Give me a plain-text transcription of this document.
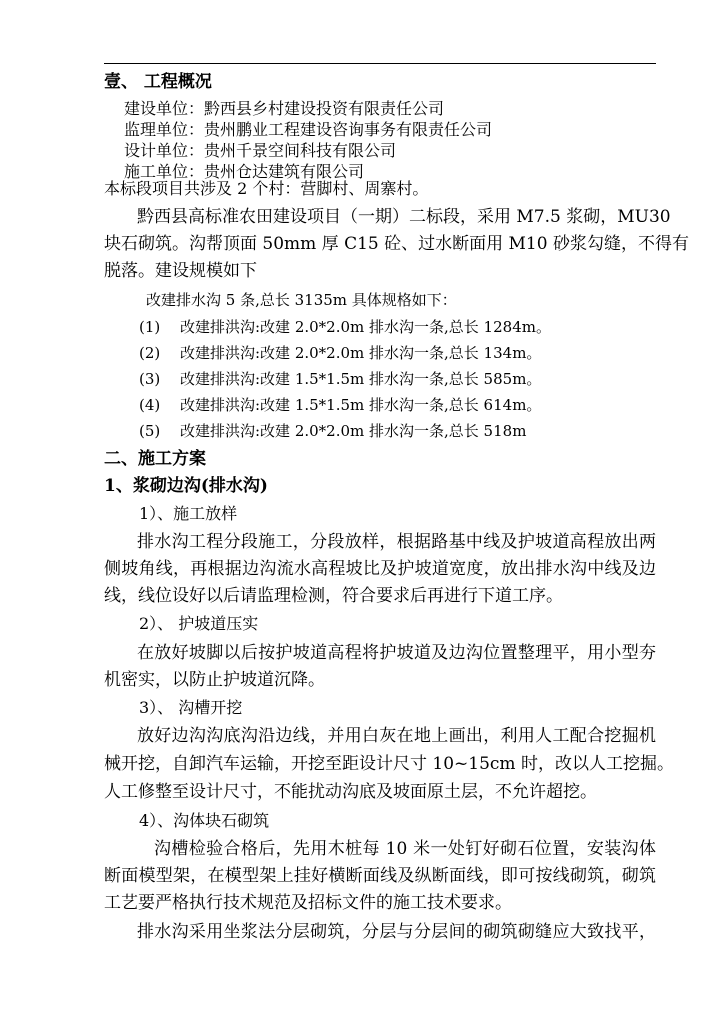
壹、 工程概况
建设单位：黔西县乡村建设投资有限责任公司
监理单位：贵州鹏业工程建设咨询事务有限责任公司
设计单位：贵州千景空间科技有限公司
施工单位：贵州仓达建筑有限公司
本标段项目共涉及 2 个村：营脚村、周寨村。
黔西县高标准农田建设项目（一期）二标段，采用 M7.5 浆砌，MU30
块石砌筑。沟帮顶面 50mm 厚 C15 砼、过水断面用 M10 砂浆勾缝，不得有
脱落。建设规模如下
改建排水沟 5 条,总长 3135m 具体规格如下：
(1) 改建排洪沟:改建 2.0*2.0m 排水沟一条,总长 1284m。
(2) 改建排洪沟:改建 2.0*2.0m 排水沟一条,总长 134m。
(3) 改建排洪沟:改建 1.5*1.5m 排水沟一条,总长 585m。
(4) 改建排洪沟:改建 1.5*1.5m 排水沟一条,总长 614m。
(5) 改建排洪沟:改建 2.0*2.0m 排水沟一条,总长 518m
二、施工方案
1、浆砌边沟(排水沟)
1）、施工放样
排水沟工程分段施工，分段放样，根据路基中线及护坡道高程放出两
侧坡角线，再根据边沟流水高程坡比及护坡道宽度，放出排水沟中线及边
线，线位设好以后请监理检测，符合要求后再进行下道工序。
2）、 护坡道压实
在放好坡脚以后按护坡道高程将护坡道及边沟位置整理平，用小型夯
机密实，以防止护坡道沉降。
3）、 沟槽开挖
放好边沟沟底沟沿边线，并用白灰在地上画出，利用人工配合挖掘机
械开挖，自卸汽车运输，开挖至距设计尺寸 10~15cm 时，改以人工挖掘。
人工修整至设计尺寸，不能扰动沟底及坡面原土层，不允许超挖。
4）、沟体块石砌筑
沟槽检验合格后，先用木桩每 10 米一处钉好砌石位置，安装沟体
断面模型架，在模型架上挂好横断面线及纵断面线，即可按线砌筑，砌筑
工艺要严格执行技术规范及招标文件的施工技术要求。
排水沟采用坐浆法分层砌筑，分层与分层间的砌筑砌缝应大致找平，
